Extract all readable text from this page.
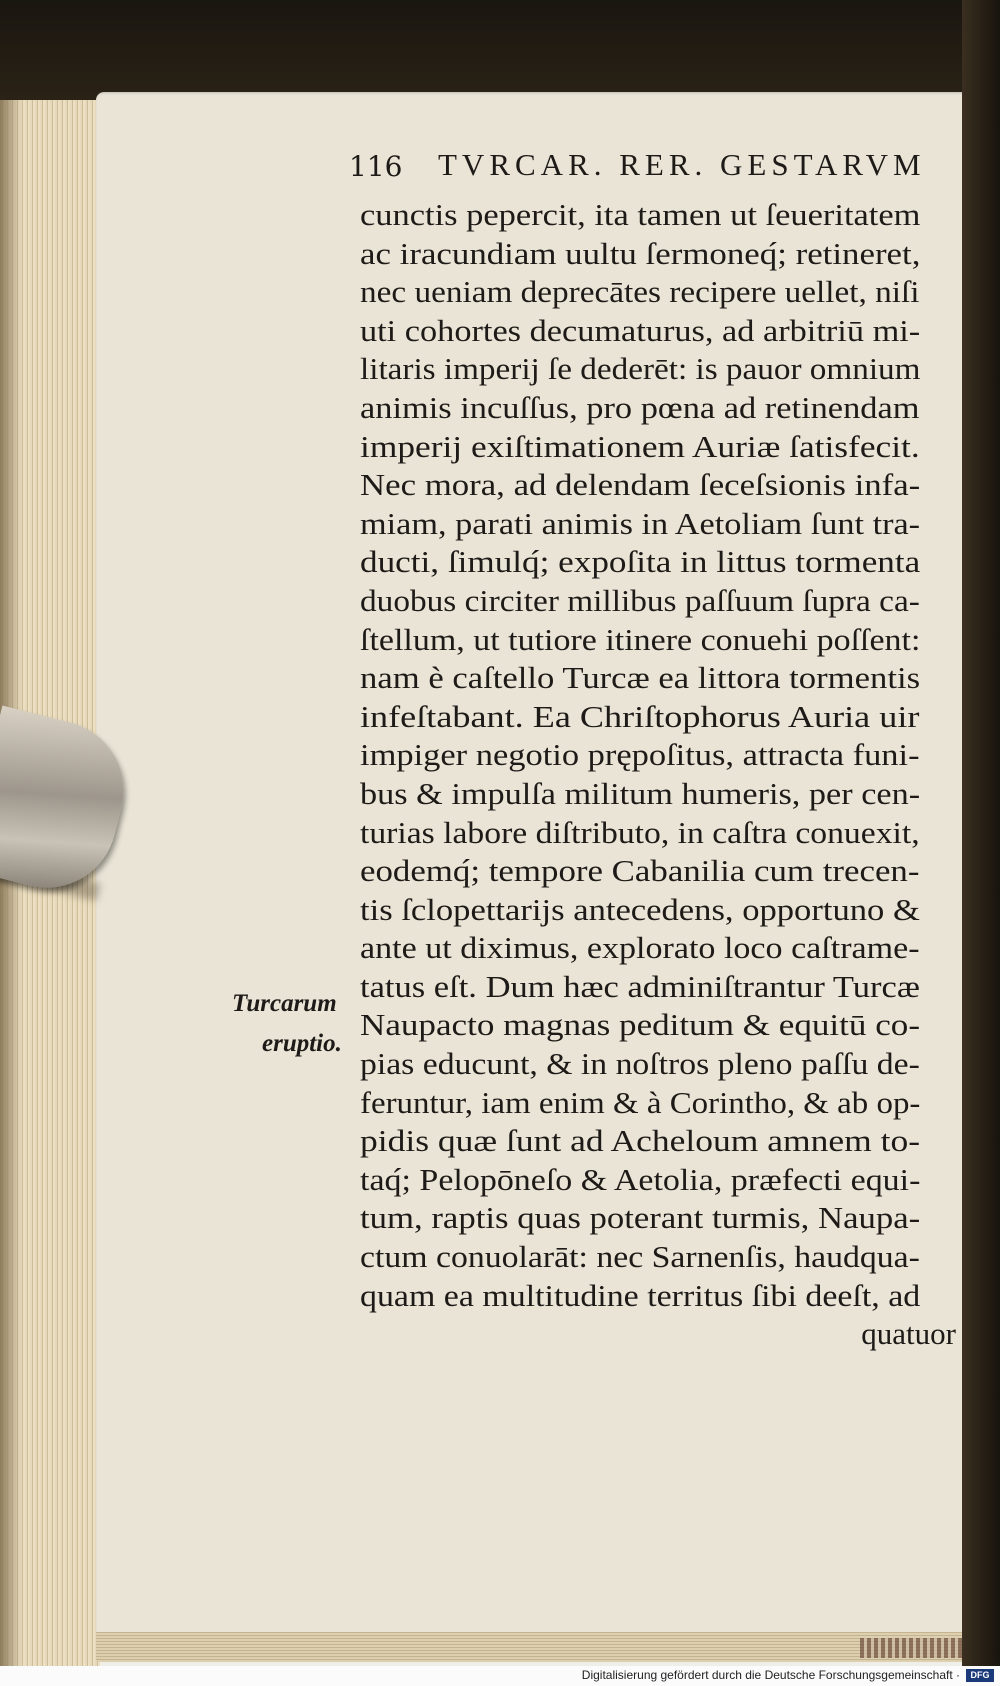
116 TVRCAR. RER. GESTARVM
cunctis pepercit, ita tamen ut ſeueritatem
ac iracundiam uultu ſermoneq́; retineret,
nec ueniam deprecātes recipere uellet, niſi
uti cohortes decumaturus, ad arbitriū mi-
litaris imperij ſe dederēt: is pauor omnium
animis incuſſus, pro pœna ad retinendam
imperij exiſtimationem Auriæ ſatisfecit.
Nec mora, ad delendam ſeceſsionis infa-
miam, parati animis in Aetoliam ſunt tra-
ducti, ſimulq́; expoſita in littus tormenta
duobus circiter millibus paſſuum ſupra ca-
ſtellum, ut tutiore itinere conuehi poſſent:
nam è caſtello Turcæ ea littora tormentis
infeſtabant. Ea Chriſtophorus Auria uir
impiger negotio prępoſitus, attracta funi-
bus & impulſa militum humeris, per cen-
turias labore diſtributo, in caſtra conuexit,
eodemq́; tempore Cabanilia cum trecen-
tis ſclopettarijs antecedens, opportuno &
ante ut diximus, explorato loco caſtrame-
tatus eſt. Dum hæc adminiſtrantur Turcæ
Naupacto magnas peditum & equitū co-
pias educunt, & in noſtros pleno paſſu de-
feruntur, iam enim & à Corintho, & ab op-
pidis quæ ſunt ad Acheloum amnem to-
taq́; Pelopōneſo & Aetolia, præfecti equi-
tum, raptis quas poterant turmis, Naupa-
ctum conuolarāt: nec Sarnenſis, haudqua-
quam ea multitudine territus ſibi deeſt, ad
quatuor
Turcarum
eruptio.
Digitalisierung gefördert durch die Deutsche Forschungsgemeinschaft ·	DFG
